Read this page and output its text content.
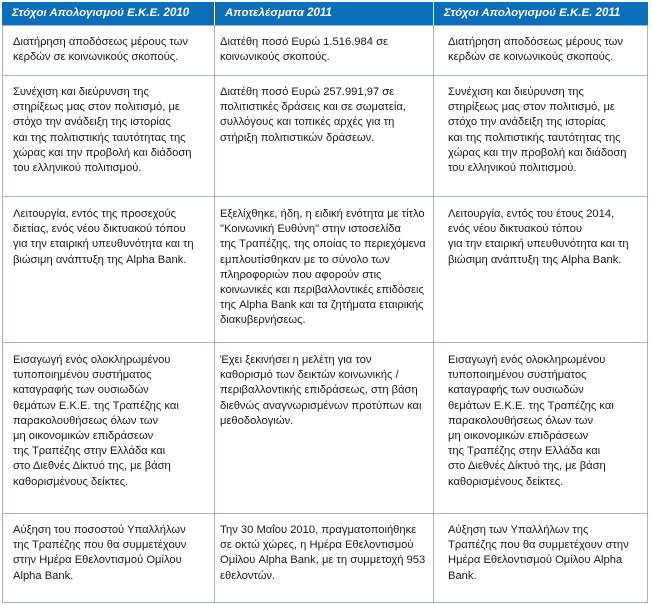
Στόχοι Απολογισμού Ε.Κ.Ε. 2010	Αποτελέσματα 2011	Στόχοι Απολογισμού Ε.Κ.Ε. 2011
Διατήρηση αποδόσεως μέρους των
κερδών σε κοινωνικούς σκοπούς.
Διατέθη ποσό Ευρώ 1.516.984 σε
κοινωνικούς σκοπούς.
Διατήρηση αποδόσεως μέρους των
κερδών σε κοινωνικούς σκοπούς.
Συνέχιση και διεύρυνση της
στηρίξεως μας στον πολιτισμό, με
στόχο την ανάδειξη της ιστορίας
και της πολιτιστικής ταυτότητας της
χώρας και την προβολή και διάδοση
του ελληνικού πολιτισμού.
Διατέθη ποσό Ευρώ 257.991,97 σε
πολιτιστικές δράσεις και σε σωματεία,
συλλόγους και τοπικές αρχές για τη
στήριξη πολιτιστικών δράσεων.
Συνέχιση και διεύρυνση της
στηρίξεως μας στον πολιτισμό, με
στόχο την ανάδειξη της ιστορίας
και της πολιτιστικής ταυτότητας της
χώρας και την προβολή και διάδοση
του ελληνικού πολιτισμού.
Λειτουργία, εντός της προσεχούς
διετίας, ενός νέου δικτυακού τόπου
για την εταιρική υπευθυνότητα και τη
βιώσιμη ανάπτυξη της Alpha Bank.
Εξελίχθηκε, ήδη, η ειδική ενότητα με τίτλο
"Κοινωνική Ευθύνη" στην ιστοσελίδα
της Τραπέζης, της οποίας το περιεχόμενα
εμπλουτίσθηκαν με το σύνολο των
πληροφοριών που αφορούν στις
κοινωνικές και περιβαλλοντικές επιδόσεις
της Alpha Bank και τα ζητήματα εταιρικής
διακυβερνήσεως.
Λειτουργία, εντός του έτους 2014,
ενός νέου δικτυακού τόπου
για την εταιρική υπευθυνότητα και τη
βιώσιμη ανάπτυξη της Alpha Bank.
Εισαγωγή ενός ολοκληρωμένου
τυποποιημένου συστήματος
καταγραφής των ουσιωδών
θεμάτων Ε.Κ.Ε. της Τραπέζης και
παρακολουθήσεως όλων των
μη οικονομικών επιδράσεων
της Τραπέζης στην Ελλάδα και
στο Διεθνές Δίκτυό της, με βάση
καθορισμένους δείκτες.
Έχει ξεκινήσει η μελέτη για τον
καθορισμό των δεικτών κοινωνικής /
περιβαλλοντικής επιδράσεως, στη βάση
διεθνώς αναγνωρισμένων προτύπων και
μεθοδολογιών.
Εισαγωγή ενός ολοκληρωμένου
τυποποιημένου συστήματος
καταγραφής των ουσιωδών
θεμάτων Ε.Κ.Ε. της Τραπέζης και
παρακολουθήσεως όλων των
μη οικονομικών επιδράσεων
της Τραπέζης στην Ελλάδα και
στο Διεθνές Δίκτυό της, με βάση
καθορισμένους δείκτες.
Αύξηση του ποσοστού Υπαλλήλων
της Τραπέζης που θα συμμετέχουν
στην Ημέρα Εθελοντισμού Ομίλου
Alpha Bank.
Την 30 Μαΐου 2010, πραγματοποιήθηκε
σε οκτώ χώρες, η Ημέρα Εθελοντισμού
Ομίλου Alpha Bank, με τη συμμετοχή 953
εθελοντών.
Αύξηση των Υπαλλήλων της
Τραπέζης που θα συμμετέχουν στην
Ημέρα Εθελοντισμού Ομίλου Alpha
Bank.
